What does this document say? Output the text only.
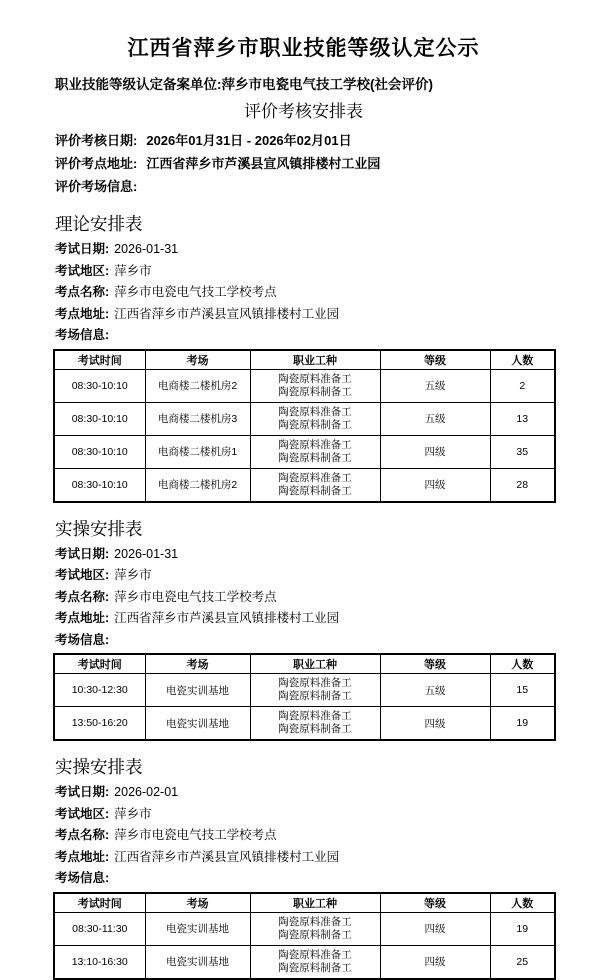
江西省萍乡市职业技能等级认定公示
职业技能等级认定备案单位:萍乡市电瓷电气技工学校(社会评价)
评价考核安排表
评价考核日期: 2026年01月31日 - 2026年02月01日
评价考点地址: 江西省萍乡市芦溪县宣风镇排楼村工业园
评价考场信息:
理论安排表
考试日期: 2026-01-31
考试地区: 萍乡市
考点名称: 萍乡市电瓷电气技工学校考点
考点地址: 江西省萍乡市芦溪县宣风镇排楼村工业园
考场信息:
考试时间	考场	职业工种	等级	人数
08:30-10:10	电商楼二楼机房2	陶瓷原料准备工
陶瓷原料制备工	五级	2
08:30-10:10	电商楼二楼机房3	陶瓷原料准备工
陶瓷原料制备工	五级	13
08:30-10:10	电商楼二楼机房1	陶瓷原料准备工
陶瓷原料制备工	四级	35
08:30-10:10	电商楼二楼机房2	陶瓷原料准备工
陶瓷原料制备工	四级	28
实操安排表
考试日期: 2026-01-31
考试地区: 萍乡市
考点名称: 萍乡市电瓷电气技工学校考点
考点地址: 江西省萍乡市芦溪县宣风镇排楼村工业园
考场信息:
考试时间	考场	职业工种	等级	人数
10:30-12:30	电瓷实训基地	陶瓷原料准备工
陶瓷原料制备工	五级	15
13:50-16:20	电瓷实训基地	陶瓷原料准备工
陶瓷原料制备工	四级	19
实操安排表
考试日期: 2026-02-01
考试地区: 萍乡市
考点名称: 萍乡市电瓷电气技工学校考点
考点地址: 江西省萍乡市芦溪县宣风镇排楼村工业园
考场信息:
考试时间	考场	职业工种	等级	人数
08:30-11:30	电瓷实训基地	陶瓷原料准备工
陶瓷原料制备工	四级	19
13:10-16:30	电瓷实训基地	陶瓷原料准备工
陶瓷原料制备工	四级	25
